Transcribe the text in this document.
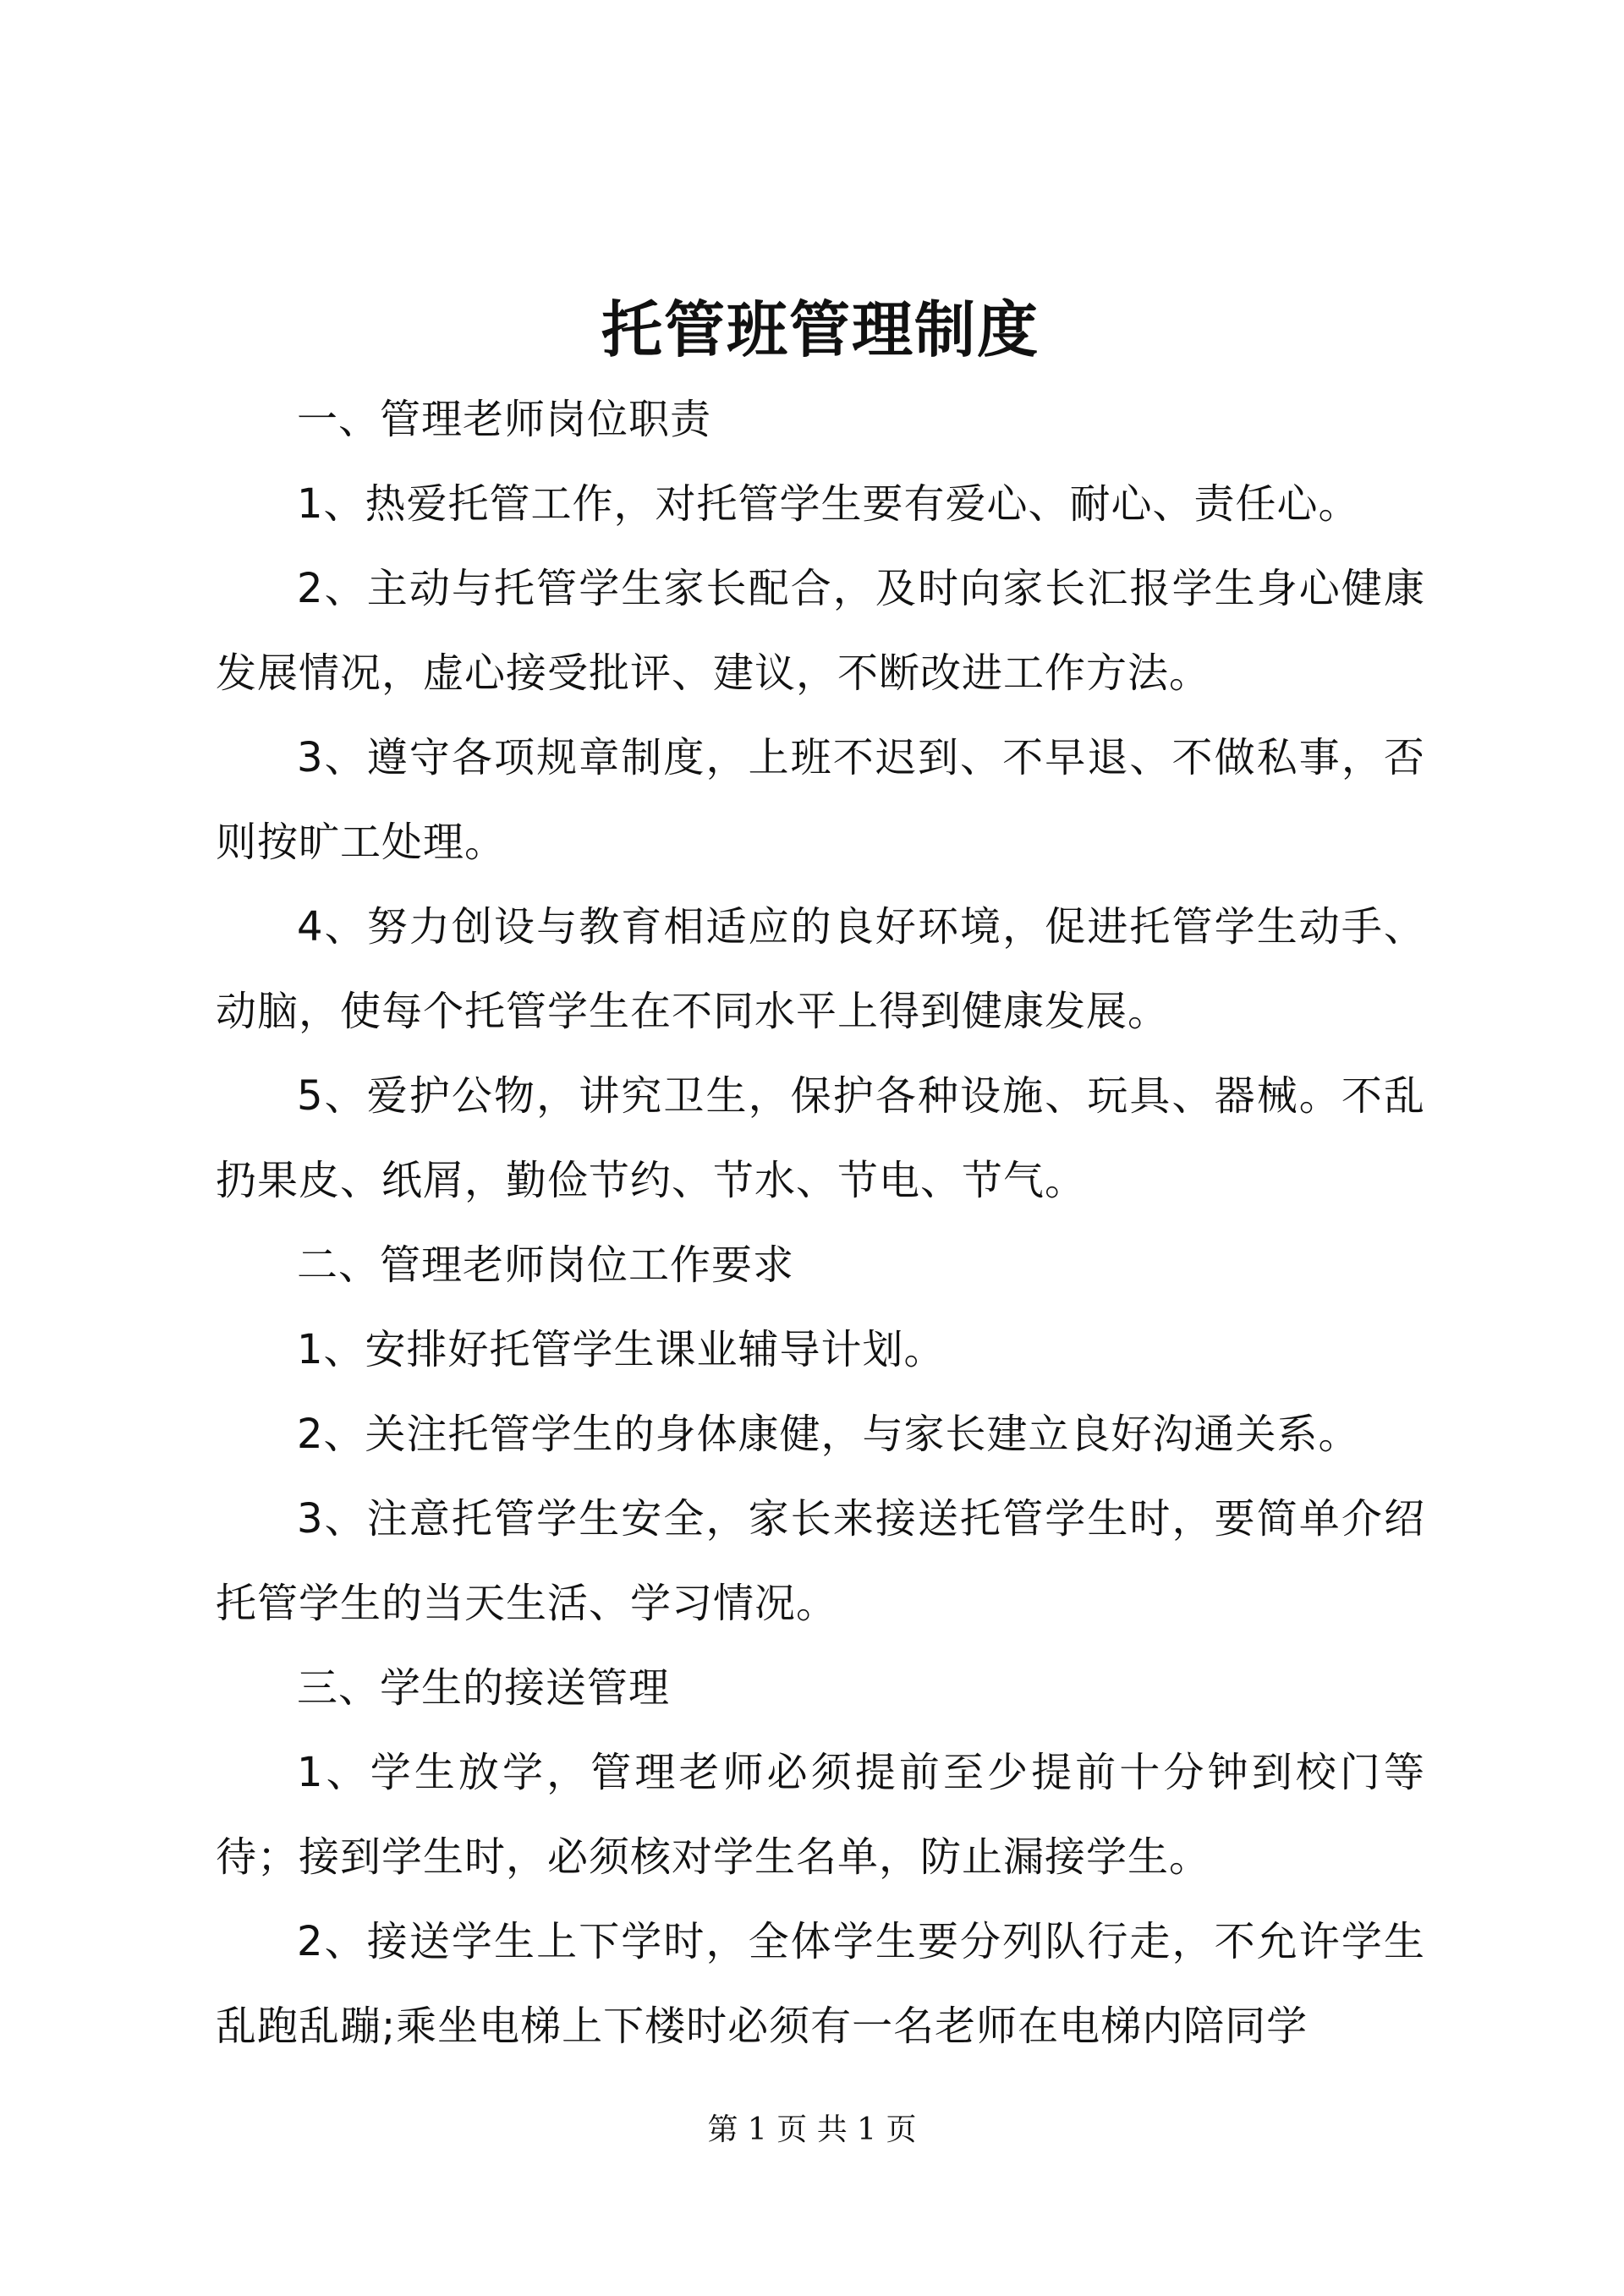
托管班管理制度

一、管理老师岗位职责

1、热爱托管工作，对托管学生要有爱心、耐心、责任心。

2、主动与托管学生家长配合，及时向家长汇报学生身心健康发展情况，虚心接受批评、建议，不断改进工作方法。

3、遵守各项规章制度，上班不迟到、不早退、不做私事，否则按旷工处理。

4、努力创设与教育相适应的良好环境，促进托管学生动手、动脑，使每个托管学生在不同水平上得到健康发展。

5、爱护公物，讲究卫生，保护各种设施、玩具、器械。不乱扔果皮、纸屑，勤俭节约、节水、节电、节气。

二、管理老师岗位工作要求

1、安排好托管学生课业辅导计划。

2、关注托管学生的身体康健，与家长建立良好沟通关系。

3、注意托管学生安全，家长来接送托管学生时，要简单介绍托管学生的当天生活、学习情况。

三、学生的接送管理

1、学生放学，管理老师必须提前至少提前十分钟到校门等待；接到学生时，必须核对学生名单，防止漏接学生。

2、接送学生上下学时，全体学生要分列队行走，不允许学生乱跑乱蹦;乘坐电梯上下楼时必须有一名老师在电梯内陪同学

第 1 页 共 1 页
